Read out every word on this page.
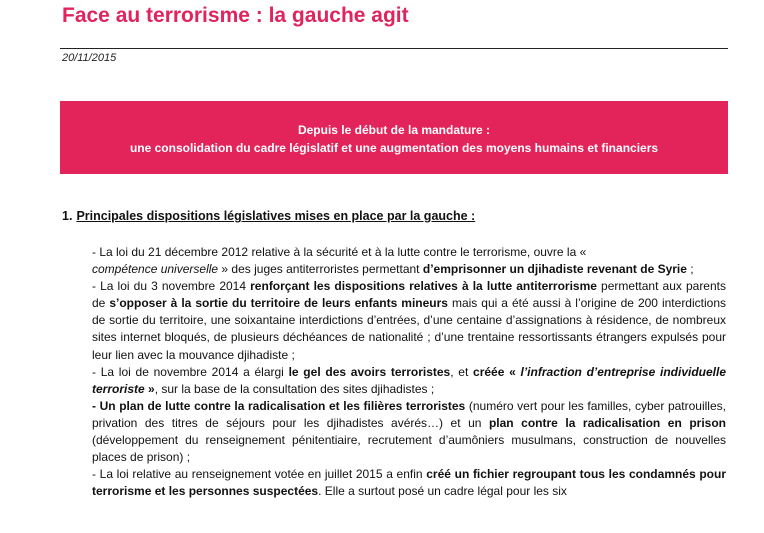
Face au terrorisme : la gauche agit
20/11/2015
Depuis le début de la mandature :
une consolidation du cadre législatif et une augmentation des moyens humains et financiers
1. Principales dispositions législatives mises en place par la gauche :

- La loi du 21 décembre 2012 relative à la sécurité et à la lutte contre le terrorisme, ouvre la «
compétence universelle » des juges antiterroristes permettant d’emprisonner un djihadiste revenant de Syrie ;

- La loi du 3 novembre 2014 renforçant les dispositions relatives à la lutte antiterrorisme permettant aux parents de s’opposer à la sortie du territoire de leurs enfants mineurs mais qui a été aussi à l’origine de 200 interdictions de sortie du territoire, une soixantaine interdictions d’entrées, d’une centaine d’assignations à résidence, de nombreux sites internet bloqués, de plusieurs déchéances de nationalité ; d’une trentaine ressortissants étrangers expulsés pour leur lien avec la mouvance djihadiste ;

- La loi de novembre 2014 a élargi le gel des avoirs terroristes, et créée « l’infraction d’entreprise individuelle terroriste », sur la base de la consultation des sites djihadistes ;

- Un plan de lutte contre la radicalisation et les filières terroristes (numéro vert pour les familles, cyber patrouilles, privation des titres de séjours pour les djihadistes avérés…) et un plan contre la radicalisation en prison (développement du renseignement pénitentiaire, recrutement d’aumôniers musulmans, construction de nouvelles places de prison) ;

- La loi relative au renseignement votée en juillet 2015 a enfin créé un fichier regroupant tous les condamnés pour terrorisme et les personnes suspectées. Elle a surtout posé un cadre légal pour les six
